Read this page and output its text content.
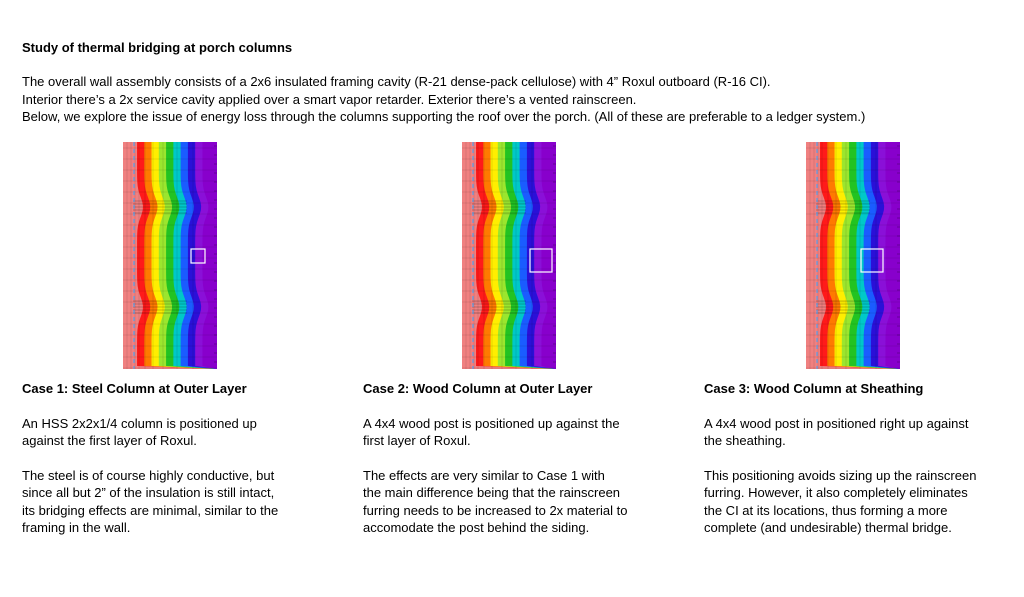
Study of thermal bridging at porch columns
The overall wall assembly consists of a 2x6 insulated framing cavity (R-21 dense-pack cellulose) with 4” Roxul outboard (R-16 CI).
Interior there’s a 2x service cavity applied over a smart vapor retarder. Exterior there’s a vented rainscreen.
Below, we explore the issue of energy loss through the columns supporting the roof over the porch. (All of these are preferable to a ledger system.)
Case 1: Steel Column at Outer Layer

An HSS 2x2x1/4 column is positioned up
against the first layer of Roxul.

The steel is of course highly conductive, but
since all but 2” of the insulation is still intact,
its bridging effects are minimal, similar to the
framing in the wall.

Case 2: Wood Column at Outer Layer

A 4x4 wood post is positioned up against the
first layer of Roxul.

The effects are very similar to Case 1 with
the main difference being that the rainscreen
furring needs to be increased to 2x material to
accomodate the post behind the siding.

Case 3: Wood Column at Sheathing

A 4x4 wood post in positioned right up against
the sheathing.

This positioning avoids sizing up the rainscreen
furring. However, it also completely eliminates
the CI at its locations, thus forming a more
complete (and undesirable) thermal bridge.
